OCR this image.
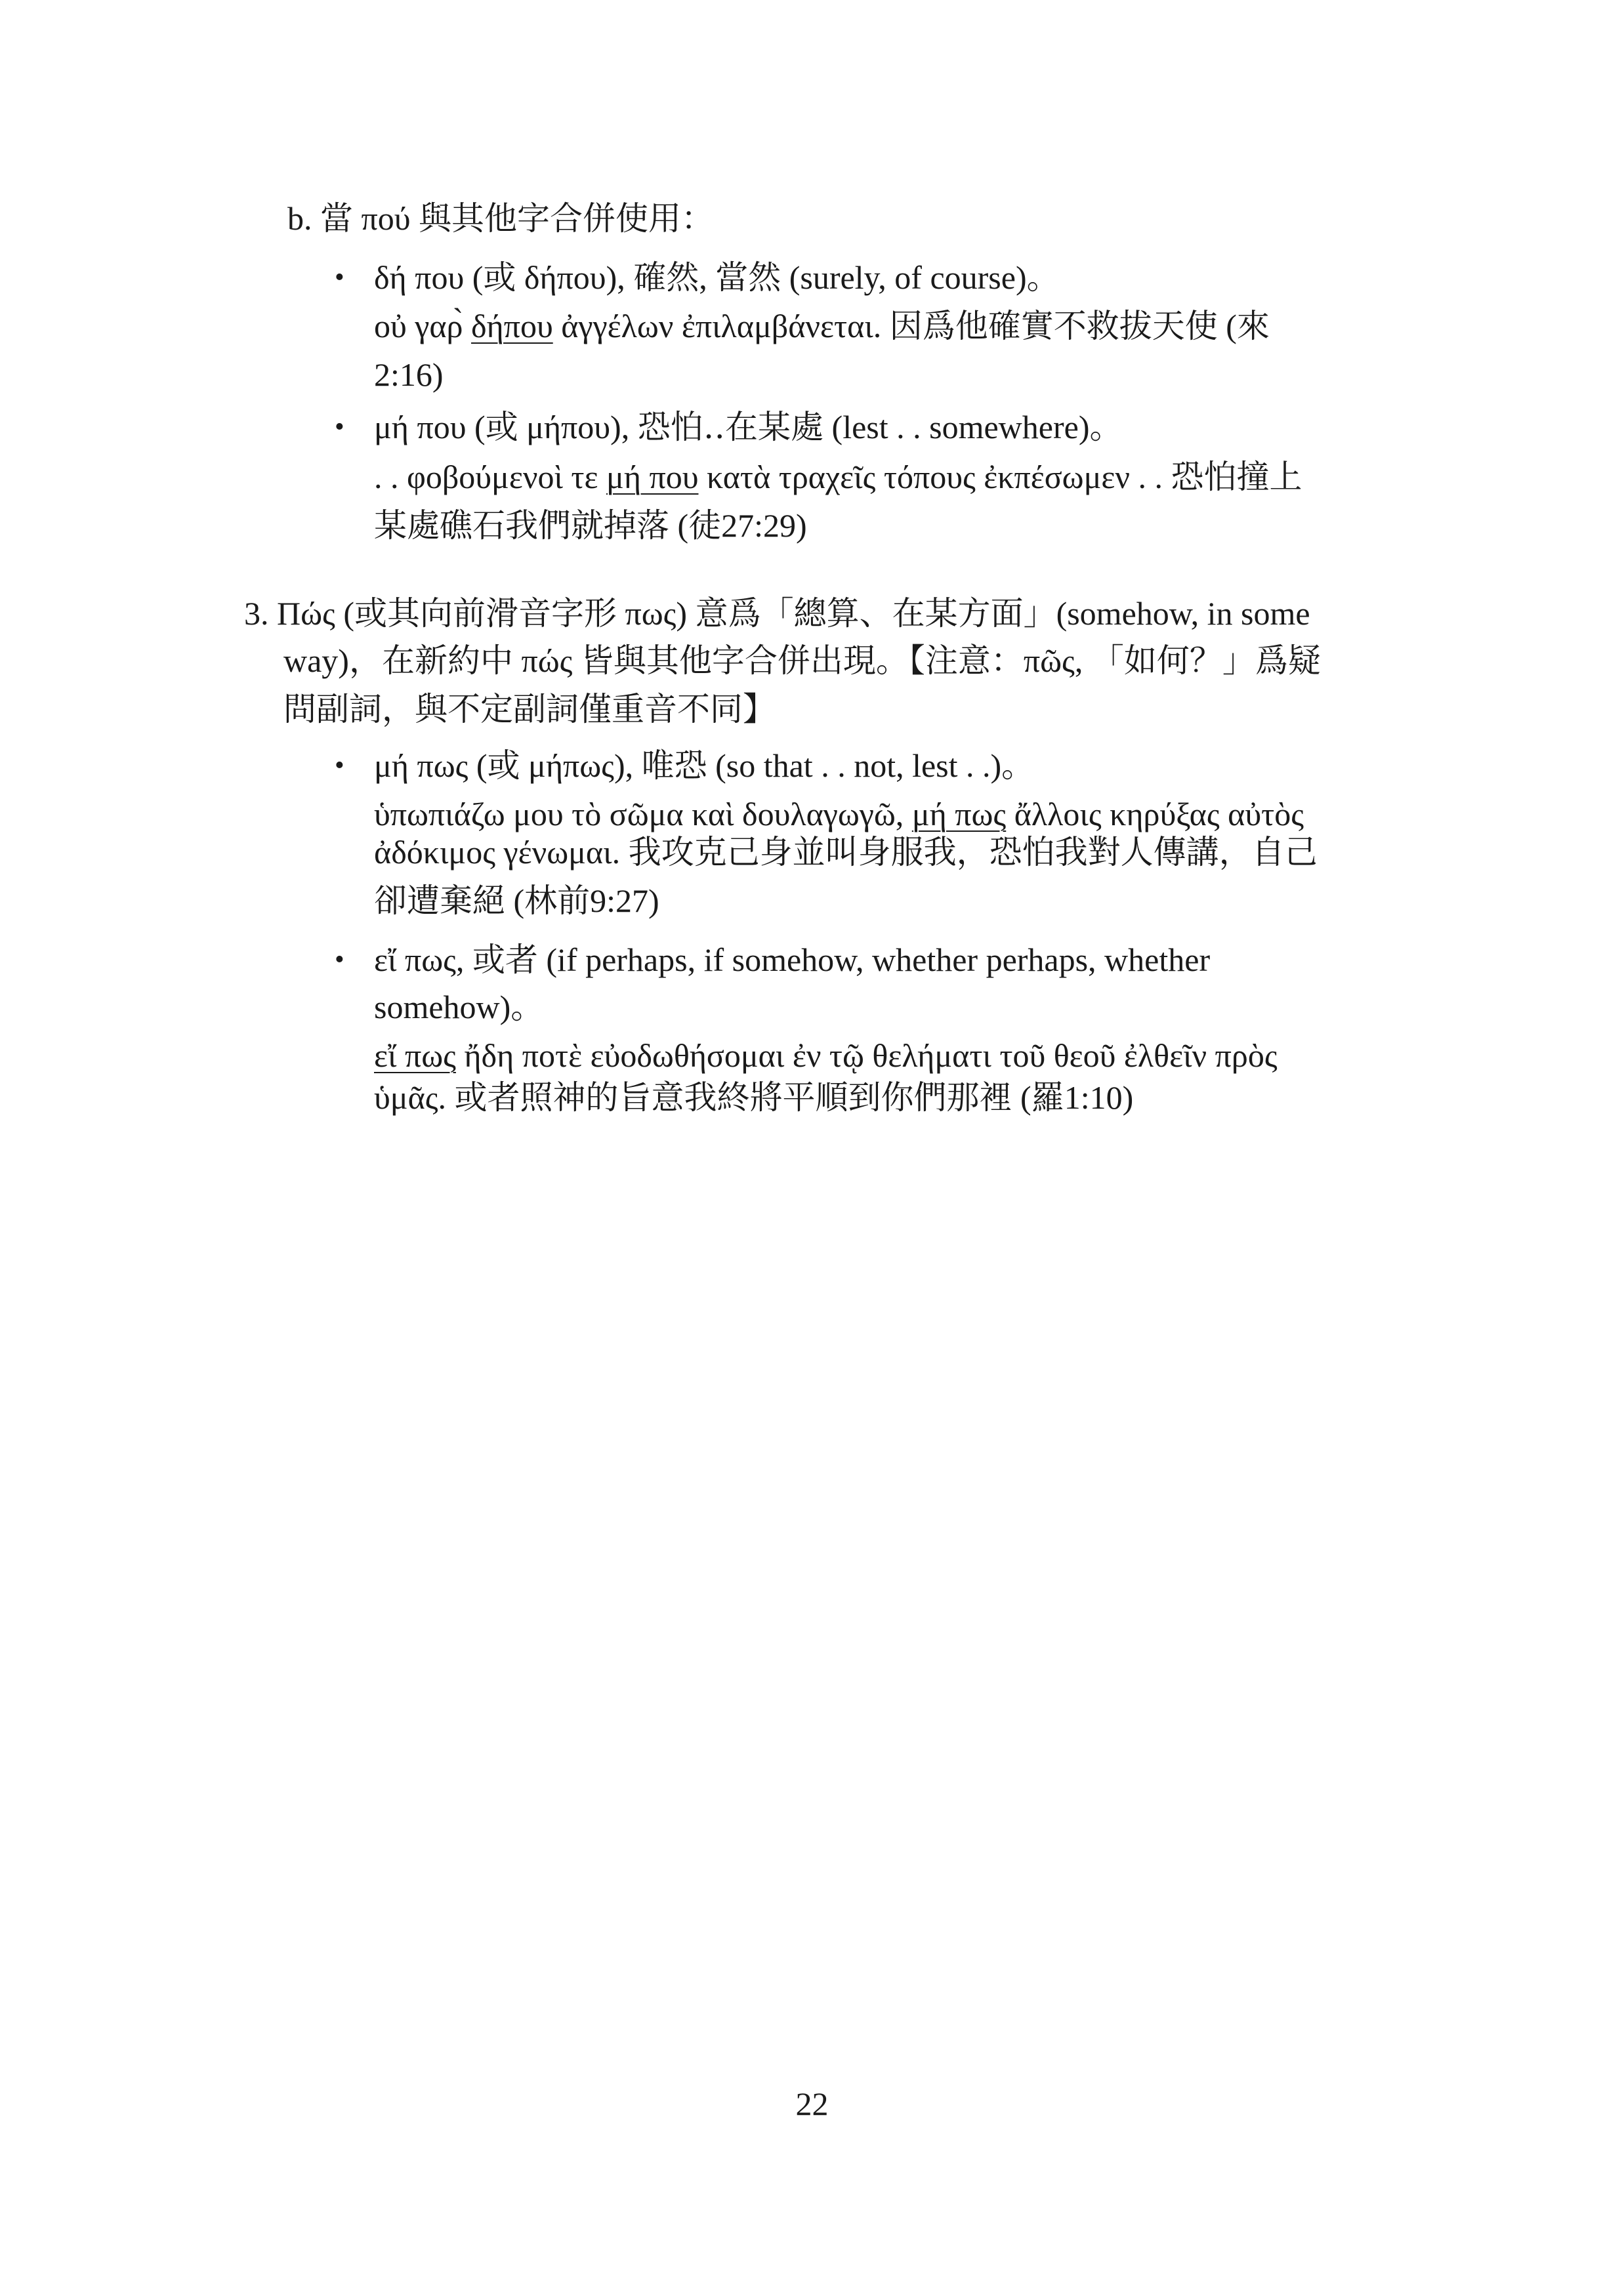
b. 當 πού 與其他字合併使用：
• δή που (或 δήπου), 確然, 當然 (surely, of course)。
οὐ γαρ̀ δήπου ἀγγέλων ἐπιλαμβάνεται. 因爲他確實不救拔天使 (來
2:16)
• μή που (或 μήπου), 恐怕‥在某處 (lest . . somewhere)。
. . φοβούμενοὶ τε μή που κατὰ τραχεῖς τόπους ἐκπέσωμεν . . 恐怕撞上
某處礁石我們就掉落 (徒27:29)
3. Πώς (或其向前滑音字形 πως) 意爲「總算、在某方面」(somehow, in some
way)，在新約中 πώς 皆與其他字合併出現。【注意：πῶς, 「如何？」爲疑
問副詞，與不定副詞僅重音不同】
• μή πως (或 μήπως), 唯恐 (so that . . not, lest . .)。
ὑπωπιάζω μου τὸ σῶμα καὶ δουλαγωγῶ, μή πως ἄλλοις κηρύξας αὐτὸς
ἀδόκιμος γένωμαι. 我攻克己身並叫身服我，恐怕我對人傳講，自己
卻遭棄絕 (林前9:27)
• εἴ πως, 或者 (if perhaps, if somehow, whether perhaps, whether
somehow)。
εἴ πως ἤδη ποτὲ εὐοδωθήσομαι ἐν τῷ θελήματι τοῦ θεοῦ ἐλθεῖν πρὸς
ὑμᾶς. 或者照神的旨意我終將平順到你們那裡 (羅1:10)
22
